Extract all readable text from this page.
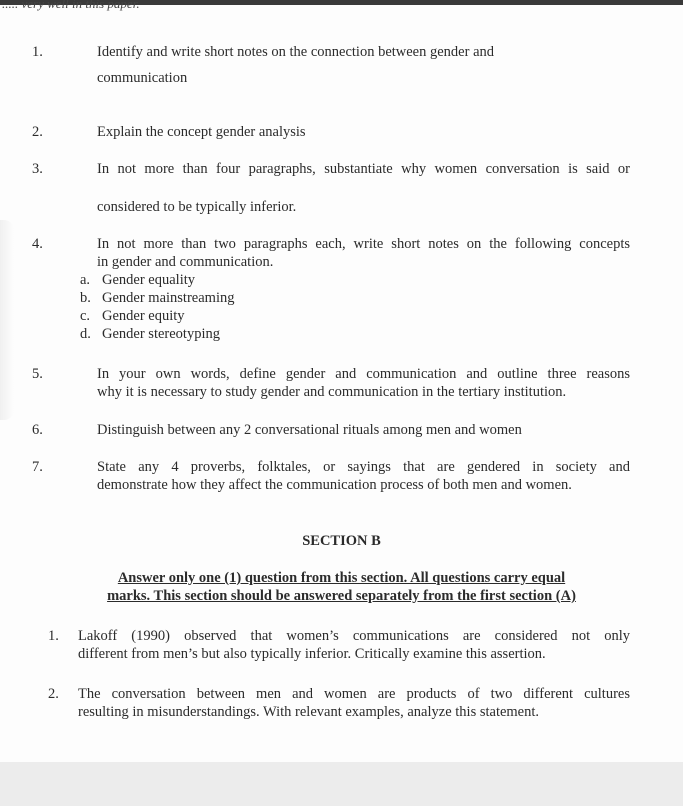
..... very well in this paper.
1.	Identify and write short notes on the connection between gender and
communication
2.	Explain the concept gender analysis
3.	In not more than four paragraphs, substantiate why women conversation is said or
considered to be typically inferior.
4.	In not more than two paragraphs each, write short notes on the following concepts
in gender and communication.
a. Gender equality
b. Gender mainstreaming
c. Gender equity
d. Gender stereotyping
5.	In your own words, define gender and communication and outline three reasons
why it is necessary to study gender and communication in the tertiary institution.
6.	Distinguish between any 2 conversational rituals among men and women
7.	State any 4 proverbs, folktales, or sayings that are gendered in society and
demonstrate how they affect the communication process of both men and women.
SECTION B
Answer only one (1) question from this section. All questions carry equal
marks. This section should be answered separately from the first section (A)
1. Lakoff (1990) observed that women’s communications are considered not only
different from men’s but also typically inferior. Critically examine this assertion.
2. The conversation between men and women are products of two different cultures
resulting in misunderstandings. With relevant examples, analyze this statement.
